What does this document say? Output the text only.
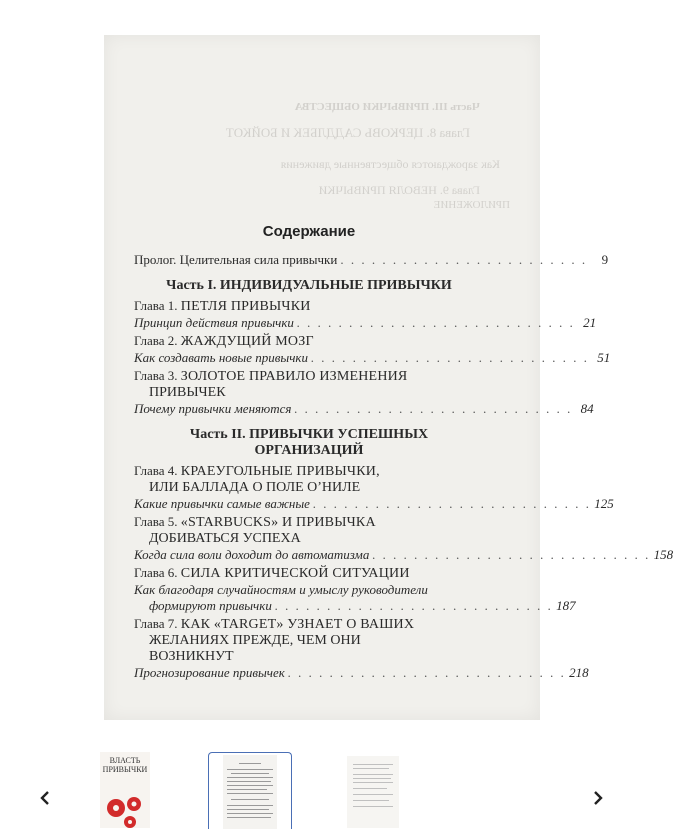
Часть III. ПРИВЫЧКИ ОБЩЕСТВА
Глава 8. ЦЕРКОВЬ САДДЛБЕК И БОЙКОТ
Как зарождаются общественные движения
Глава 9. НЕВОЛЯ ПРИВЫЧКИ
ПРИЛОЖЕНИЕ
Содержание
Пролог. Целительная сила привычки . . . . . . . . . . . . . . . . . . . . . . . .	9
Часть I. ИНДИВИДУАЛЬНЫЕ ПРИВЫЧКИ
Глава 1. ПЕТЛЯ ПРИВЫЧКИ
Принцип действия привычки . . . . . . . . . . . . . . . . . . . . . . . . . . . 21
Глава 2. ЖАЖДУЩИЙ МОЗГ
Как создавать новые привычки . . . . . . . . . . . . . . . . . . . . . . . . . . . 51
Глава 3. ЗОЛОТОЕ ПРАВИЛО ИЗМЕНЕНИЯ
ПРИВЫЧЕК
Почему привычки меняются . . . . . . . . . . . . . . . . . . . . . . . . . . . 84
Часть II. ПРИВЫЧКИ УСПЕШНЫХ
ОРГАНИЗАЦИЙ
Глава 4. КРАЕУГОЛЬНЫЕ ПРИВЫЧКИ,
ИЛИ БАЛЛАДА О ПОЛЕ О’НИЛЕ
Какие привычки самые важные . . . . . . . . . . . . . . . . . . . . . . . . . . . 125
Глава 5. «STARBUCKS» И ПРИВЫЧКА
ДОБИВАТЬСЯ УСПЕХА
Когда сила воли доходит до автоматизма . . . . . . . . . . . . . . . . . . . . . . . . . . . 158
Глава 6. СИЛА КРИТИЧЕСКОЙ СИТУАЦИИ
Как благодаря случайностям и умыслу руководители
формируют привычки . . . . . . . . . . . . . . . . . . . . . . . . . . . 187
Глава 7. КАК «TARGET» УЗНАЕТ О ВАШИХ
ЖЕЛАНИЯХ ПРЕЖДЕ, ЧЕМ ОНИ
ВОЗНИКНУТ
Прогнозирование привычек . . . . . . . . . . . . . . . . . . . . . . . . . . . 218
ВЛАСТЬ ПРИВЫЧКИ
